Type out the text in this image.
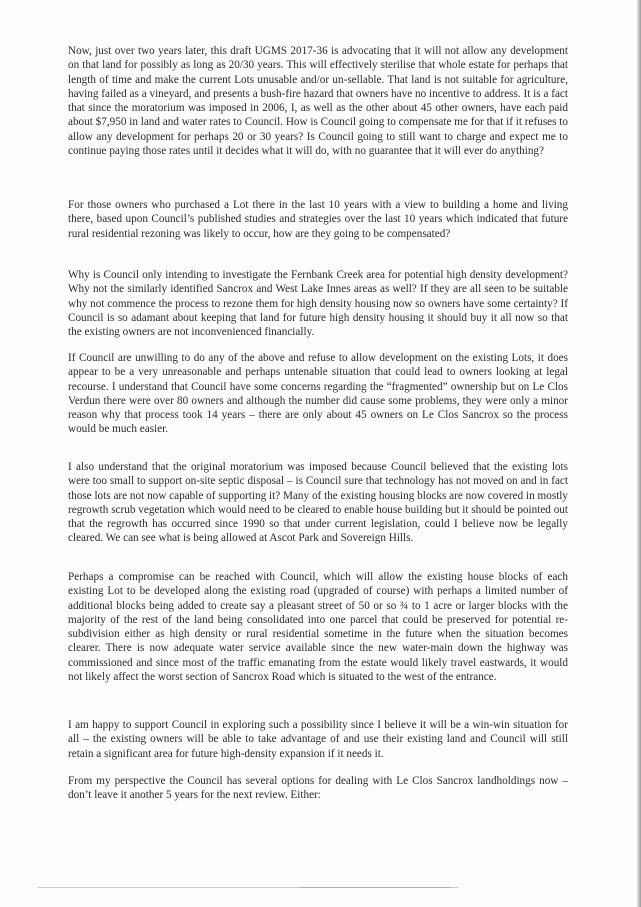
Now, just over two years later, this draft UGMS 2017-36 is advocating that it will not allow any development on that land for possibly as long as 20/30 years. This will effectively sterilise that whole estate for perhaps that length of time and make the current Lots unusable and/or un-sellable. That land is not suitable for agriculture, having failed as a vineyard, and presents a bush-fire hazard that owners have no incentive to address. It is a fact that since the moratorium was imposed in 2006, I, as well as the other about 45 other owners, have each paid about $7,950 in land and water rates to Council. How is Council going to compensate me for that if it refuses to allow any development for perhaps 20 or 30 years? Is Council going to still want to charge and expect me to continue paying those rates until it decides what it will do, with no guarantee that it will ever do anything?

For those owners who purchased a Lot there in the last 10 years with a view to building a home and living there, based upon Council’s published studies and strategies over the last 10 years which indicated that future rural residential rezoning was likely to occur, how are they going to be compensated?

Why is Council only intending to investigate the Fernbank Creek area for potential high density development? Why not the similarly identified Sancrox and West Lake Innes areas as well? If they are all seen to be suitable why not commence the process to rezone them for high density housing now so owners have some certainty? If Council is so adamant about keeping that land for future high density housing it should buy it all now so that the existing owners are not inconvenienced financially.

If Council are unwilling to do any of the above and refuse to allow development on the existing Lots, it does appear to be a very unreasonable and perhaps untenable situation that could lead to owners looking at legal recourse. I understand that Council have some concerns regarding the “fragmented” ownership but on Le Clos Verdun there were over 80 owners and although the number did cause some problems, they were only a minor reason why that process took 14 years – there are only about 45 owners on Le Clos Sancrox so the process would be much easier.

I also understand that the original moratorium was imposed because Council believed that the existing lots were too small to support on-site septic disposal – is Council sure that technology has not moved on and in fact those lots are not now capable of supporting it? Many of the existing housing blocks are now covered in mostly regrowth scrub vegetation which would need to be cleared to enable house building but it should be pointed out that the regrowth has occurred since 1990 so that under current legislation, could I believe now be legally cleared. We can see what is being allowed at Ascot Park and Sovereign Hills.

Perhaps a compromise can be reached with Council, which will allow the existing house blocks of each existing Lot to be developed along the existing road (upgraded of course) with perhaps a limited number of additional blocks being added to create say a pleasant street of 50 or so ¾ to 1 acre or larger blocks with the majority of the rest of the land being consolidated into one parcel that could be preserved for potential re-subdivision either as high density or rural residential sometime in the future when the situation becomes clearer. There is now adequate water service available since the new water-main down the highway was commissioned and since most of the traffic emanating from the estate would likely travel eastwards, it would not likely affect the worst section of Sancrox Road which is situated to the west of the entrance.

I am happy to support Council in exploring such a possibility since I believe it will be a win-win situation for all – the existing owners will be able to take advantage of and use their existing land and Council will still retain a significant area for future high-density expansion if it needs it.

From my perspective the Council has several options for dealing with Le Clos Sancrox landholdings now – don’t leave it another 5 years for the next review. Either:
